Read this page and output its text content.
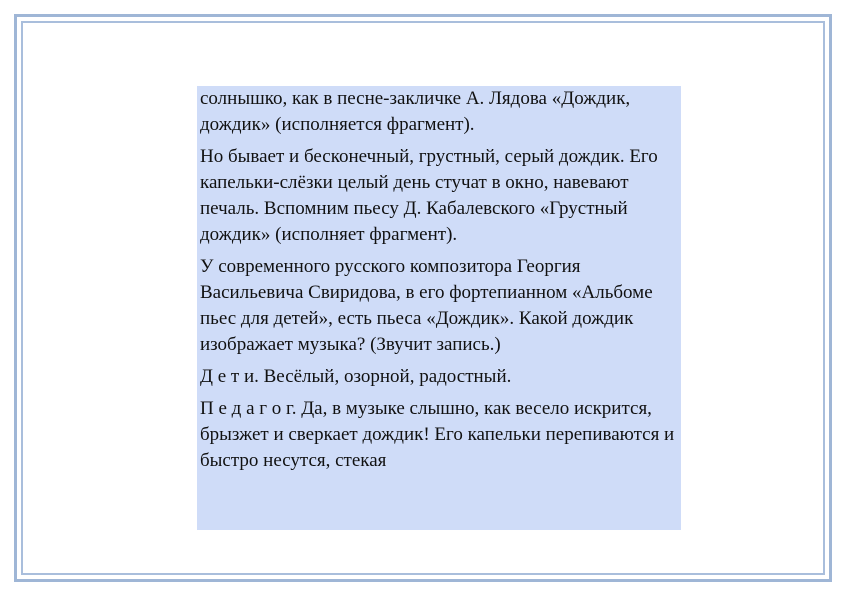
солнышко, как в песне-закличке А. Лядова «Дождик, дождик» (исполняется фрагмент).

Но бывает и бесконечный, грустный, серый дождик. Его капельки-слёзки целый день стучат в окно, навевают печаль. Вспомним пьесу Д. Кабалевского «Грустный дождик» (исполняет фрагмент).

У современного русского композитора Георгия Васильевича Свиридова, в его фортепианном «Альбоме пьес для детей», есть пьеса «Дождик». Какой дождик изображает музыка? (Звучит запись.)

Д е т и. Весёлый, озорной, радостный.

П е д а г о г. Да, в музыке слышно, как весело искрится, брызжет и сверкает дождик! Его капельки перепиваются и быстро несутся, стекая
